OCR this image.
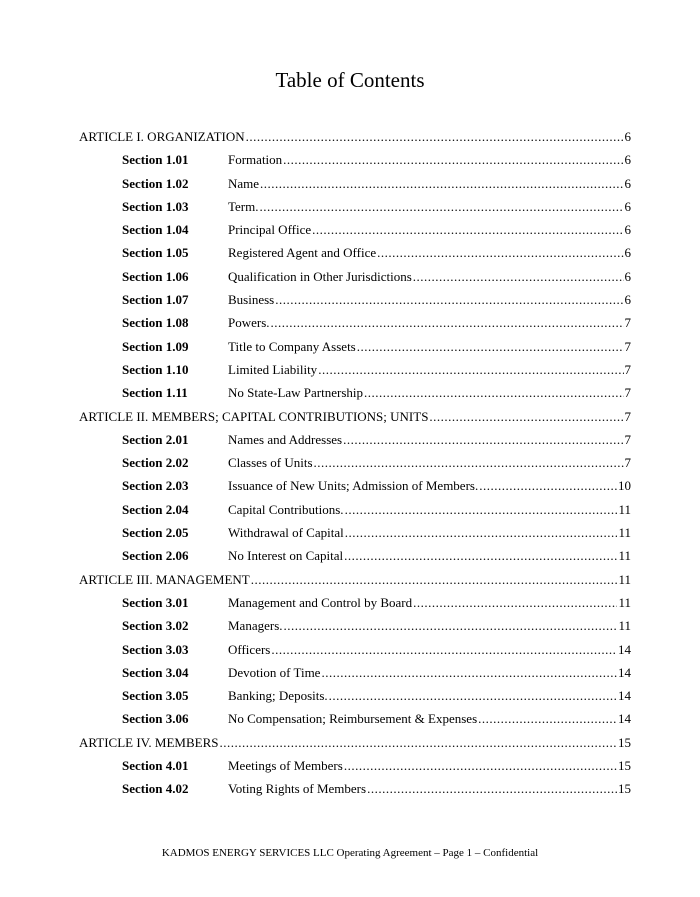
Table of Contents
ARTICLE I. ORGANIZATION .....	6
Section 1.01	Formation .....	6
Section 1.02	Name .....	6
Section 1.03	Term. .....	6
Section 1.04	Principal Office .....	6
Section 1.05	Registered Agent and Office .....	6
Section 1.06	Qualification in Other Jurisdictions .....	6
Section 1.07	Business .....	6
Section 1.08	Powers. .....	7
Section 1.09	Title to Company Assets .....	7
Section 1.10	Limited Liability .....	7
Section 1.11	No State-Law Partnership .....	7
ARTICLE II. MEMBERS; CAPITAL CONTRIBUTIONS; UNITS .....	7
Section 2.01	Names and Addresses .....	7
Section 2.02	Classes of Units .....	7
Section 2.03	Issuance of New Units; Admission of Members. .....	10
Section 2.04	Capital Contributions. .....	11
Section 2.05	Withdrawal of Capital .....	11
Section 2.06	No Interest on Capital .....	11
ARTICLE III. MANAGEMENT .....	11
Section 3.01	Management and Control by Board .....	11
Section 3.02	Managers. .....	11
Section 3.03	Officers .....	14
Section 3.04	Devotion of Time .....	14
Section 3.05	Banking; Deposits. .....	14
Section 3.06	No Compensation; Reimbursement & Expenses .....	14
ARTICLE IV. MEMBERS .....	15
Section 4.01	Meetings of Members .....	15
Section 4.02	Voting Rights of Members .....	15
KADMOS ENERGY SERVICES LLC Operating Agreement – Page 1 – Confidential
